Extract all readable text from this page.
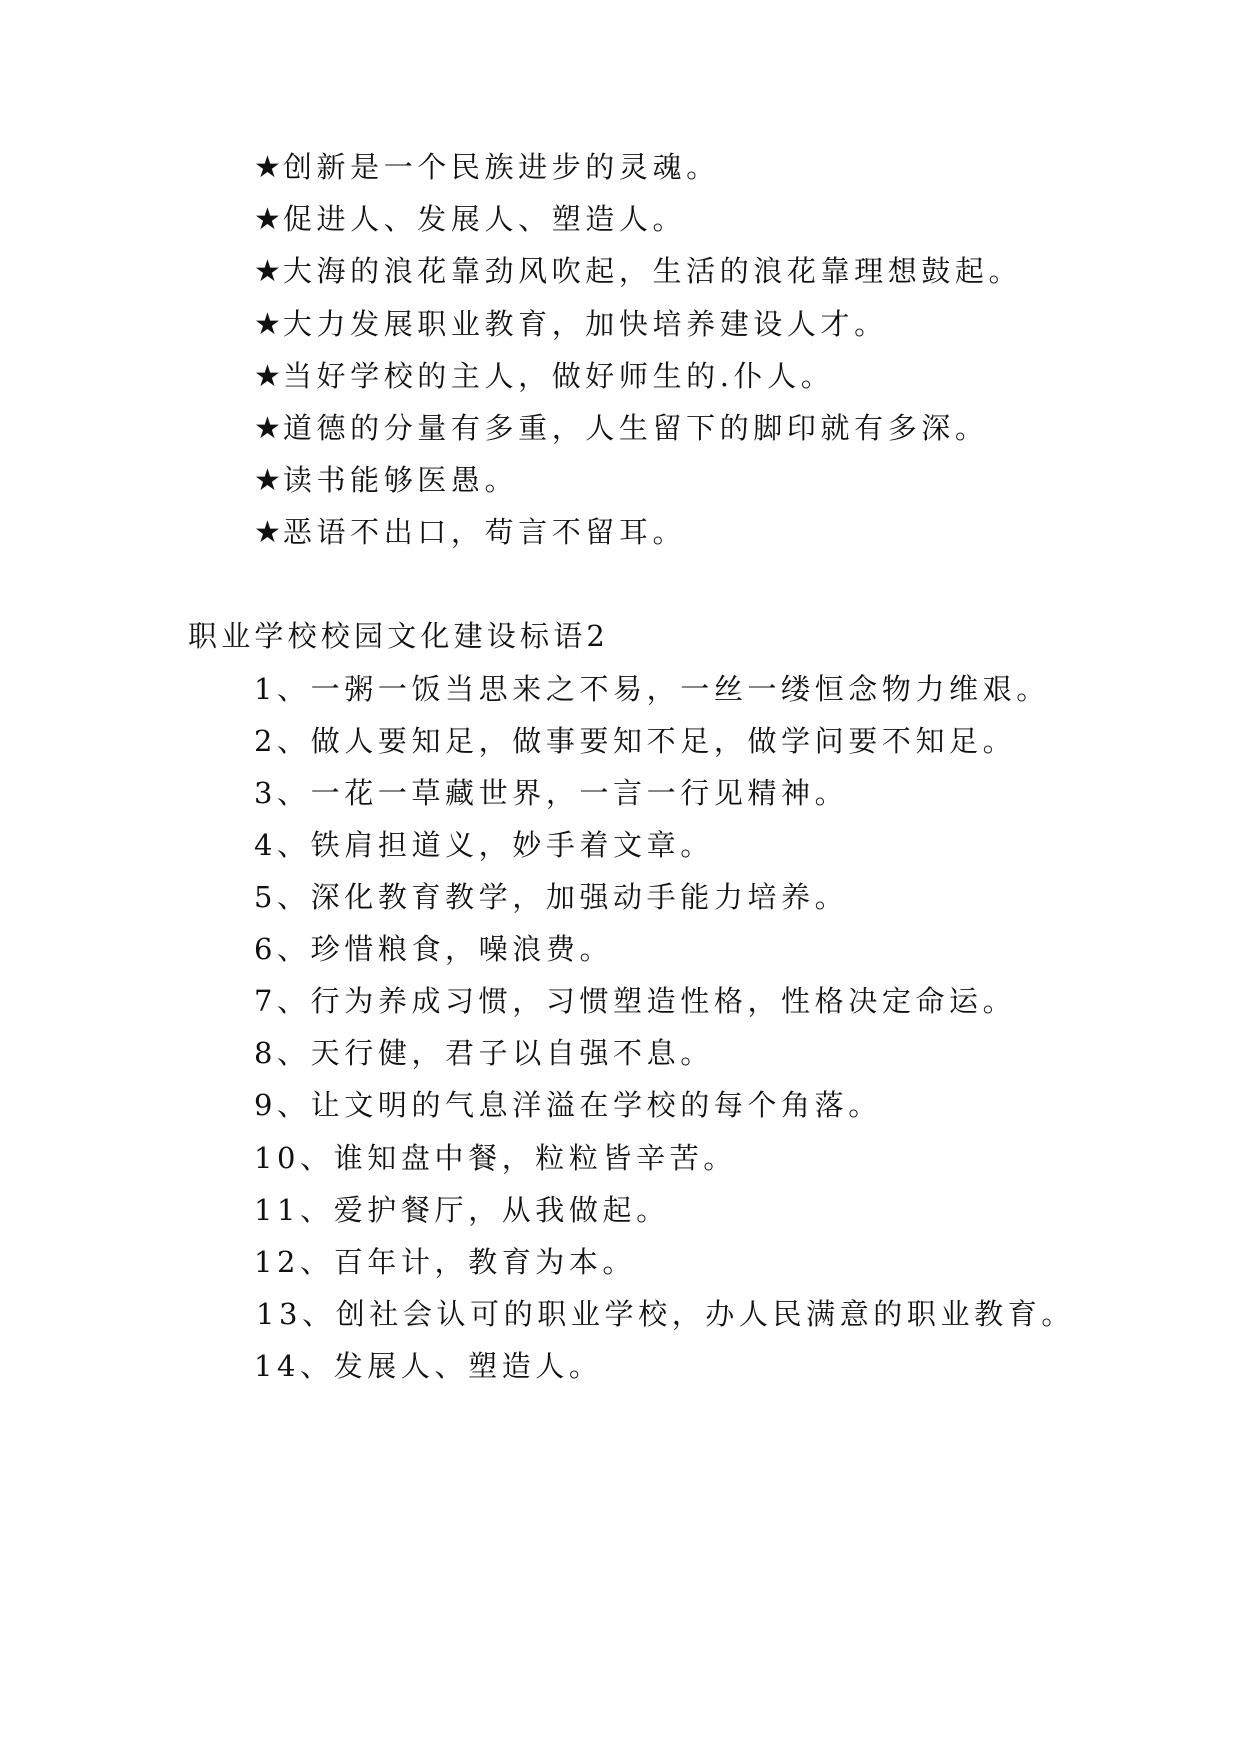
★创新是一个民族进步的灵魂。
★促进人、发展人、塑造人。
★大海的浪花靠劲风吹起，生活的浪花靠理想鼓起。
★大力发展职业教育，加快培养建设人才。
★当好学校的主人，做好师生的.仆人。
★道德的分量有多重，人生留下的脚印就有多深。
★读书能够医愚。
★恶语不出口，苟言不留耳。
职业学校校园文化建设标语2
1、一粥一饭当思来之不易，一丝一缕恒念物力维艰。
2、做人要知足，做事要知不足，做学问要不知足。
3、一花一草藏世界，一言一行见精神。
4、铁肩担道义，妙手着文章。
5、深化教育教学，加强动手能力培养。
6、珍惜粮食，噪浪费。
7、行为养成习惯，习惯塑造性格，性格决定命运。
8、天行健，君子以自强不息。
9、让文明的气息洋溢在学校的每个角落。
10、谁知盘中餐，粒粒皆辛苦。
11、爱护餐厅，从我做起。
12、百年计，教育为本。
13、创社会认可的职业学校，办人民满意的职业教育。
14、发展人、塑造人。
